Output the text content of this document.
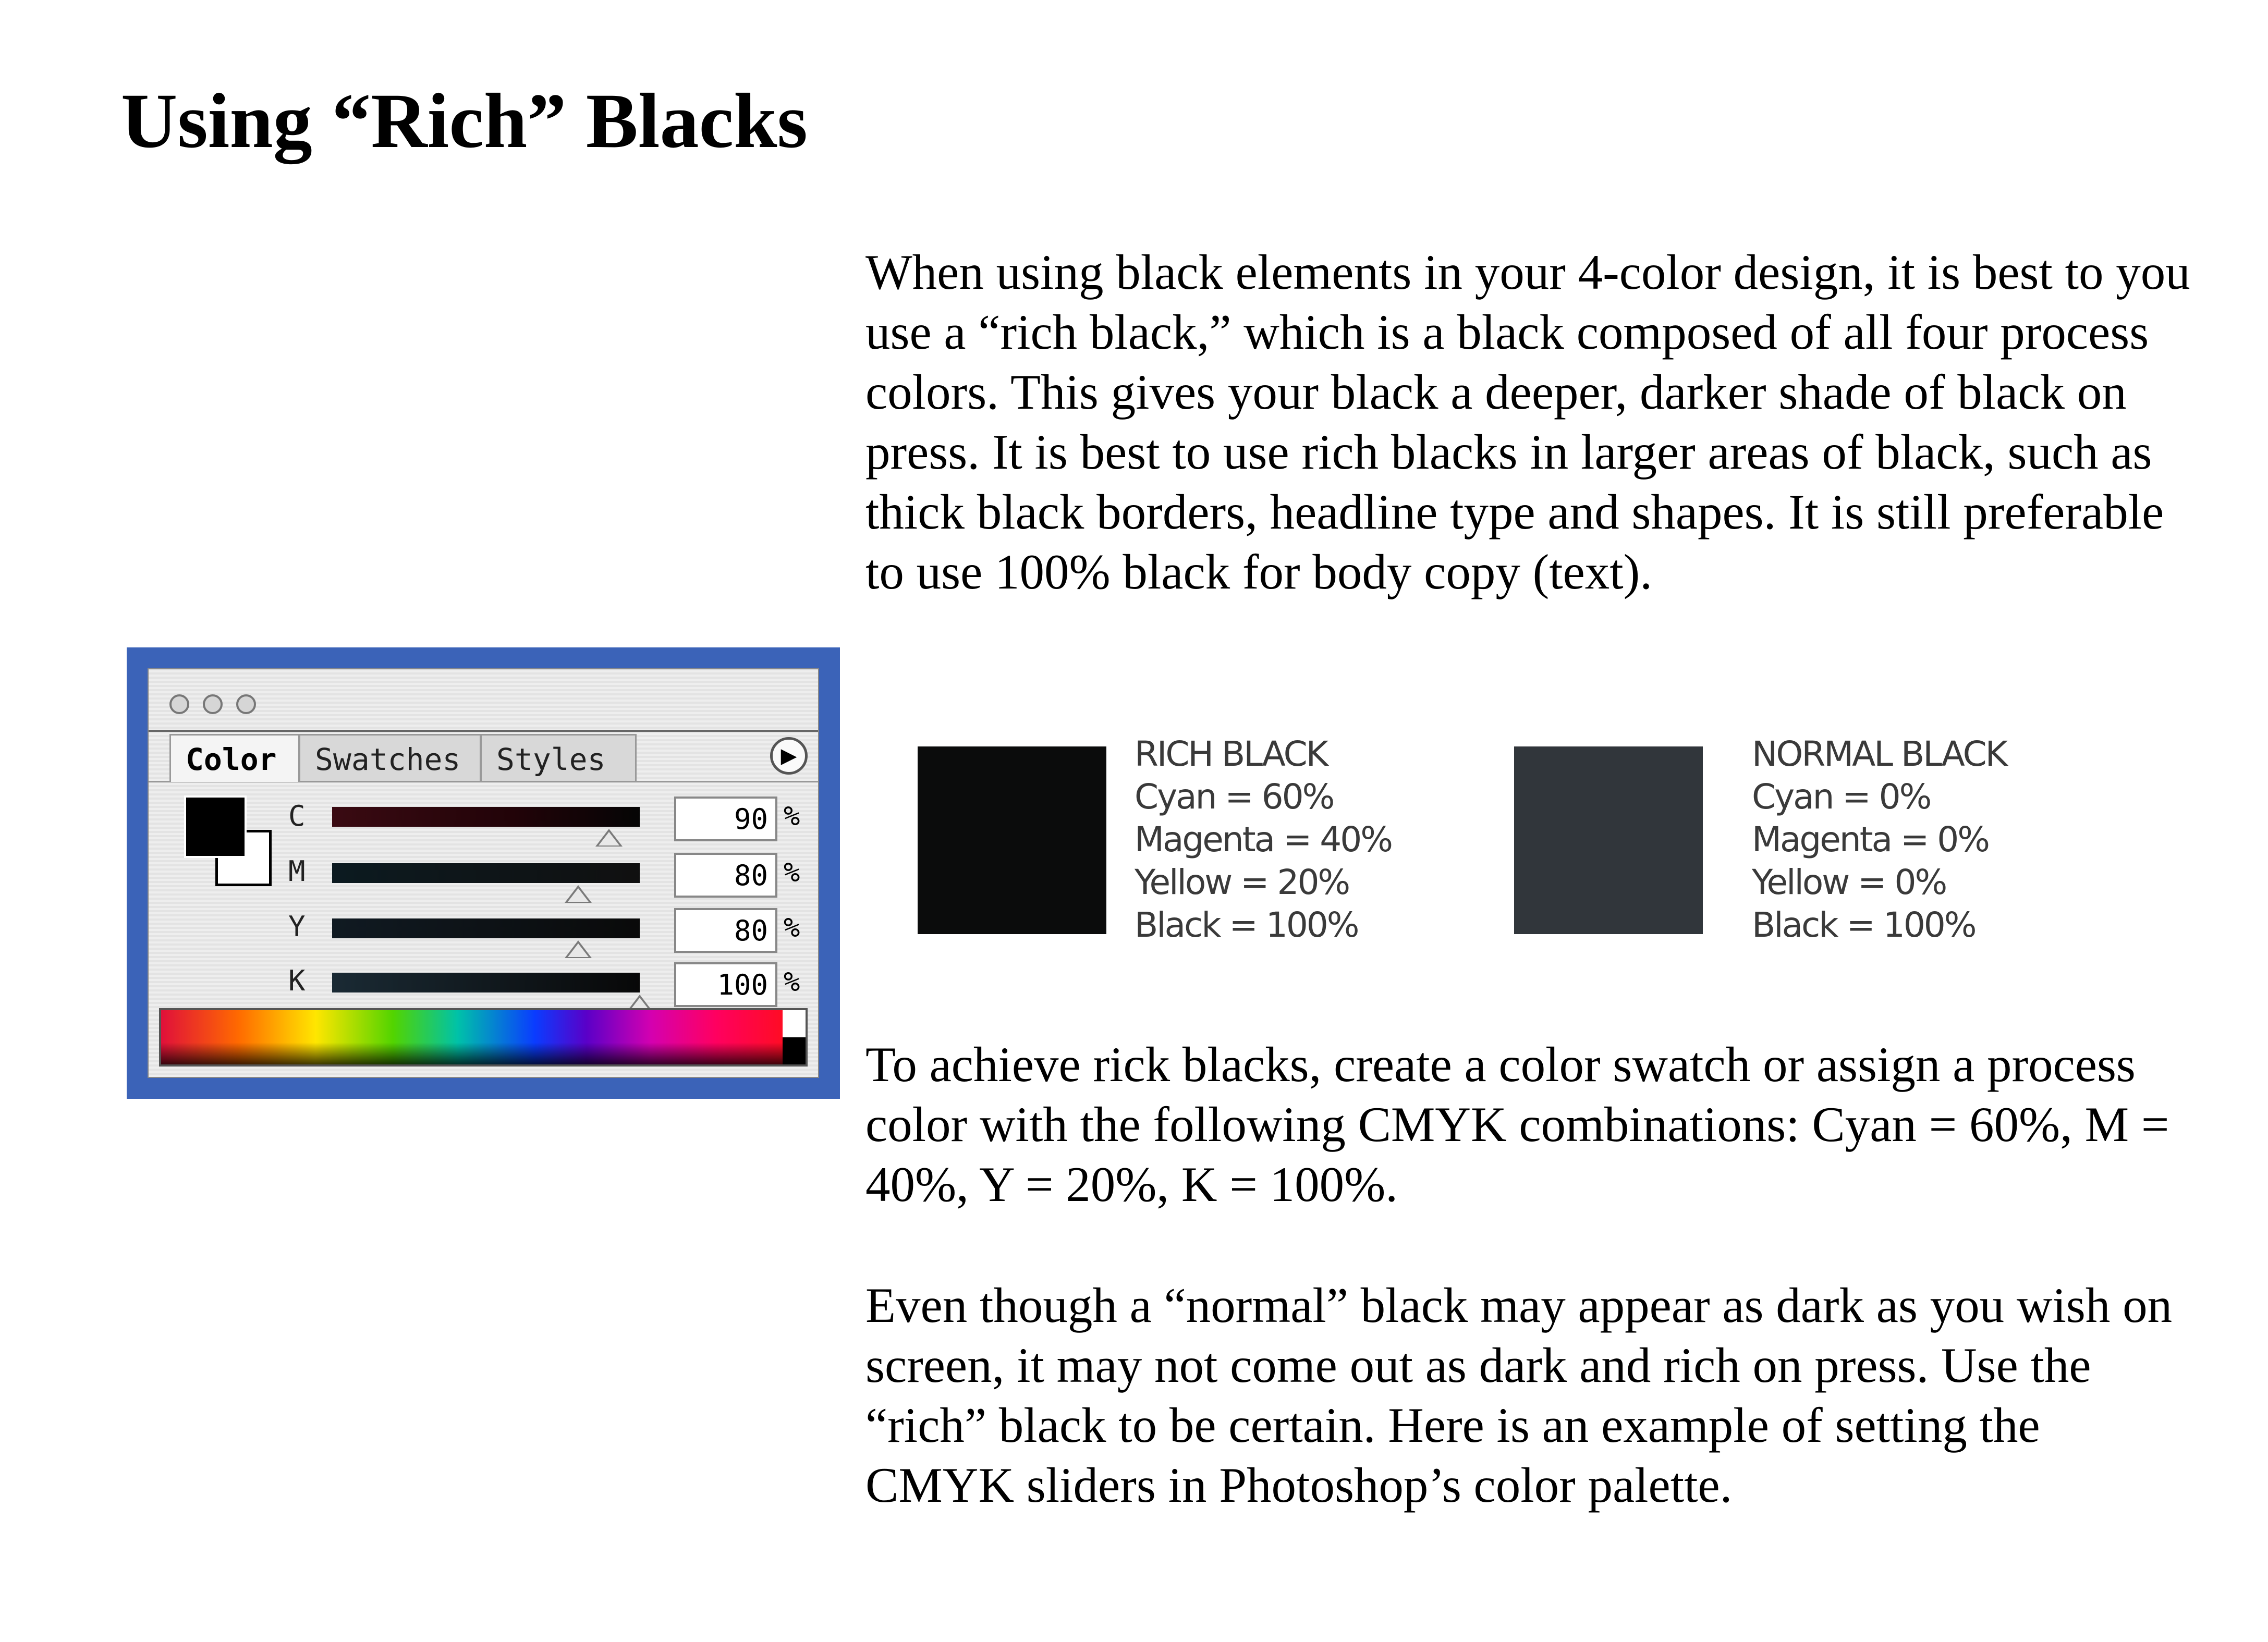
Using “Rich” Blacks

When using black elements in your 4-color design, it is best to you use a “rich black,” which is a black composed of all four process colors. This gives your black a deeper, darker shade of black on press. It is best to use rich blacks in larger areas of black, such as thick black borders, headline type and shapes. It is still preferable to use 100% black for body copy (text).

Color	Swatches	Styles	▶
C	90 %
M	80 %
Y	80 %
K	100 %
RICH BLACK
Cyan = 60%
Magenta = 40%
Yellow = 20%
Black = 100%
NORMAL BLACK
Cyan = 0%
Magenta = 0%
Yellow = 0%
Black = 100%

To achieve rick blacks, create a color swatch or assign a process color with the following CMYK combinations: Cyan = 60%, M = 40%, Y = 20%, K = 100%.

Even though a “normal” black may appear as dark as you wish on screen, it may not come out as dark and rich on press. Use the “rich” black to be certain. Here is an example of setting the CMYK sliders in Photoshop’s color palette.
